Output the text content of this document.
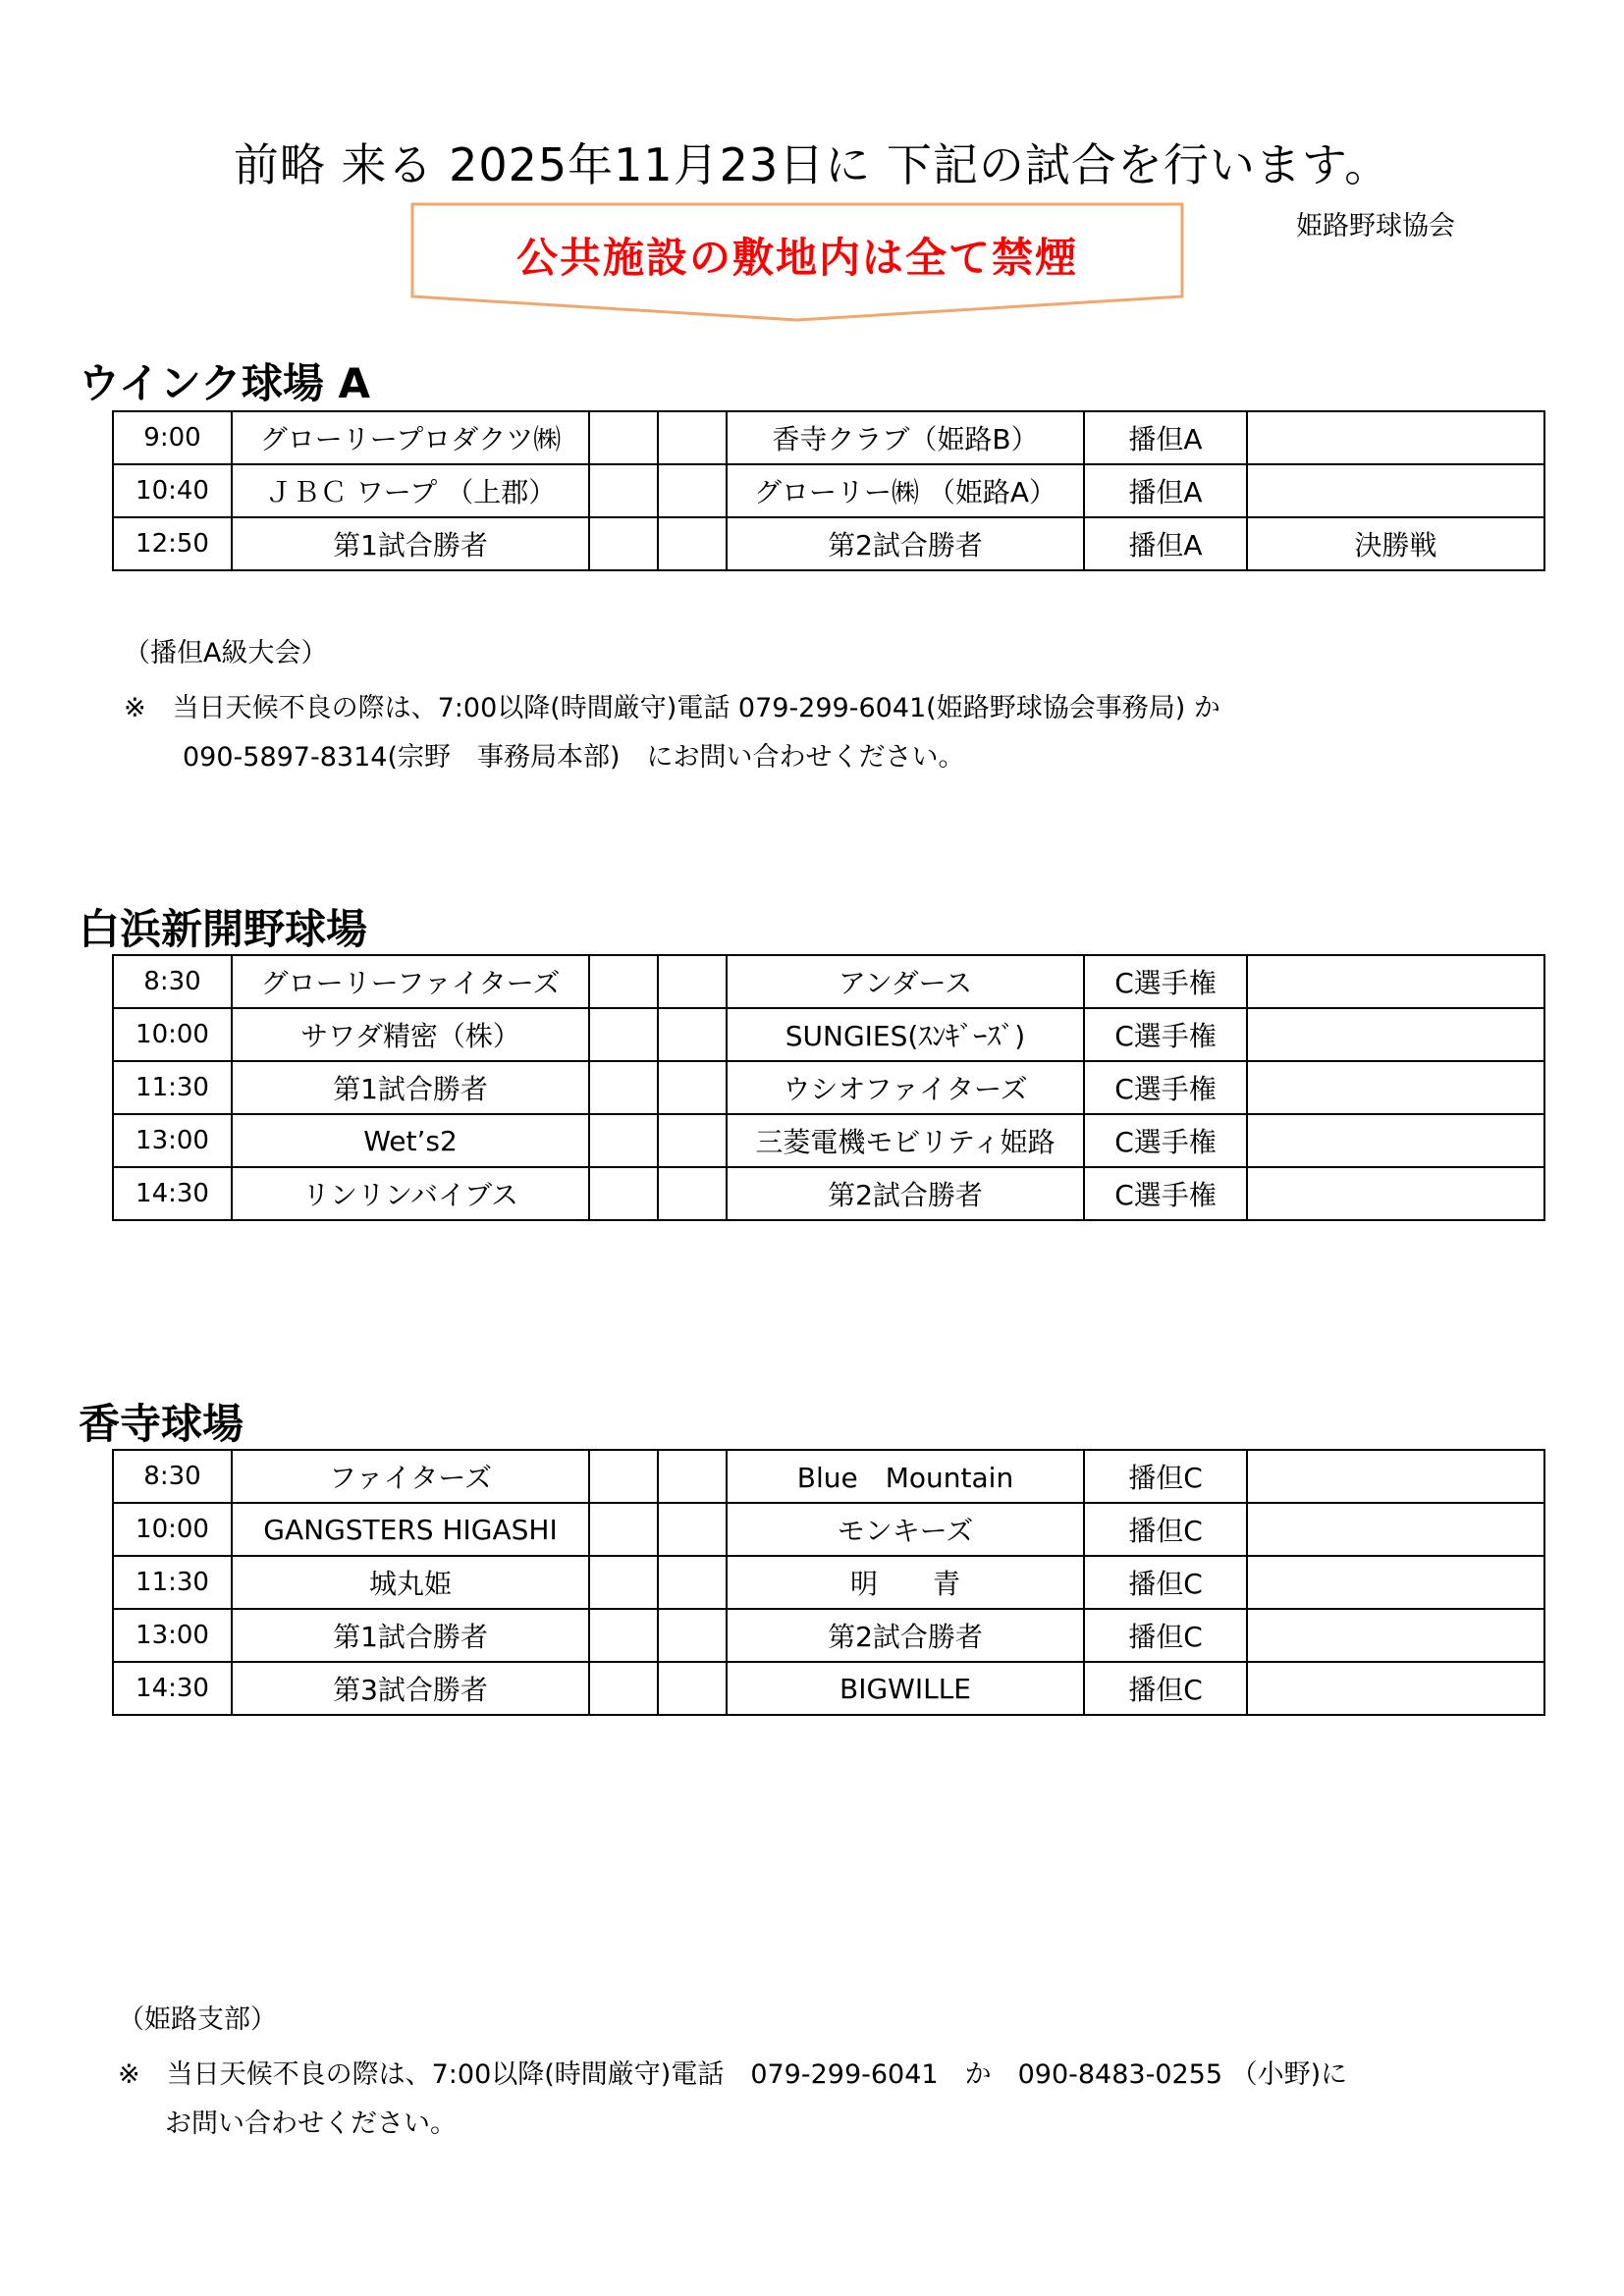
前略 来る 2025年11月23日に 下記の試合を行います。
姫路野球協会
公共施設の敷地内は全て禁煙
ウインク球場 A
9:00	グローリープロダクツ㈱			香寺クラブ（姫路B）	播但A	
10:40	ＪＢＣ ワープ （上郡）			グローリー㈱ （姫路A）	播但A	
12:50	第1試合勝者			第2試合勝者	播但A	決勝戦
（播但A級大会）
※　当日天候不良の際は、7:00以降(時間厳守)電話 079-299-6041(姫路野球協会事務局) か
090-5897-8314(宗野　事務局本部)　にお問い合わせください。
白浜新開野球場
8:30	グローリーファイターズ			アンダース	C選手権	
10:00	サワダ精密（株）			SUNGIES(ｽﾝｷﾞｰｽﾞ)	C選手権	
11:30	第1試合勝者			ウシオファイターズ	C選手権	
13:00	Wet’s2			三菱電機モビリティ姫路	C選手権	
14:30	リンリンバイブス			第2試合勝者	C選手権	
香寺球場
8:30	ファイターズ			Blue　Mountain	播但C	
10:00	GANGSTERS HIGASHI			モンキーズ	播但C	
11:30	城丸姫			明　　青	播但C	
13:00	第1試合勝者			第2試合勝者	播但C	
14:30	第3試合勝者			BIGWILLE	播但C	
（姫路支部）
※　当日天候不良の際は、7:00以降(時間厳守)電話　079-299-6041　か　090-8483-0255 （小野)に
お問い合わせください。
